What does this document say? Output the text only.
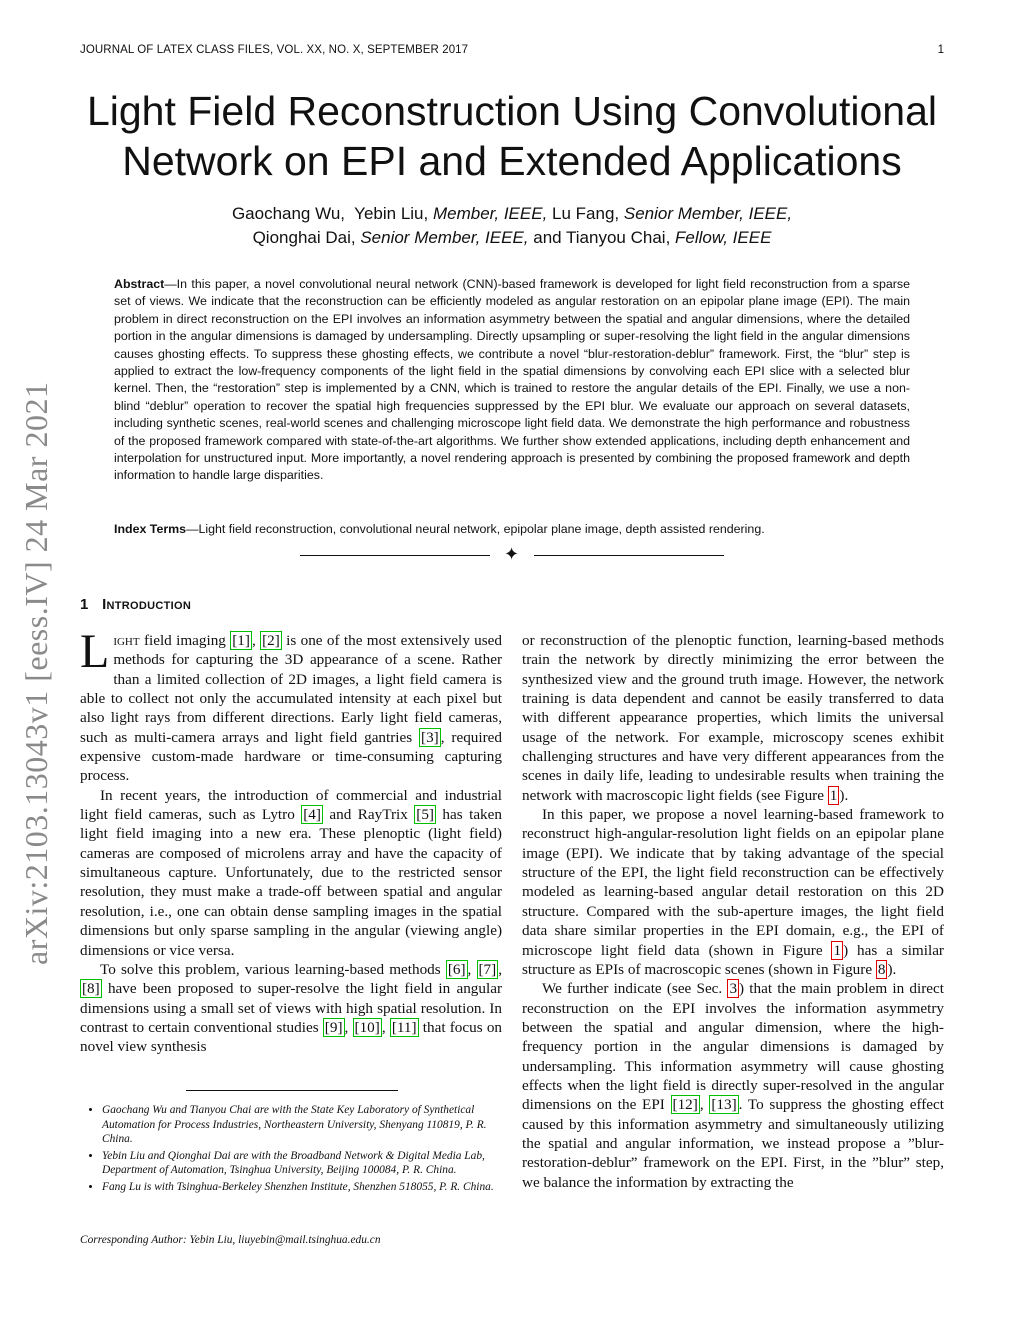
JOURNAL OF LATEX CLASS FILES, VOL. XX, NO. X, SEPTEMBER 2017	1
arXiv:2103.13043v1 [eess.IV] 24 Mar 2021
Light Field Reconstruction Using Convolutional
Network on EPI and Extended Applications
Gaochang Wu, Yebin Liu, Member, IEEE, Lu Fang, Senior Member, IEEE,
Qionghai Dai, Senior Member, IEEE, and Tianyou Chai, Fellow, IEEE
Abstract—In this paper, a novel convolutional neural network (CNN)-based framework is developed for light field reconstruction from a sparse set of views. We indicate that the reconstruction can be efficiently modeled as angular restoration on an epipolar plane image (EPI). The main problem in direct reconstruction on the EPI involves an information asymmetry between the spatial and angular dimensions, where the detailed portion in the angular dimensions is damaged by undersampling. Directly upsampling or super-resolving the light field in the angular dimensions causes ghosting effects. To suppress these ghosting effects, we contribute a novel “blur-restoration-deblur” framework. First, the “blur” step is applied to extract the low-frequency components of the light field in the spatial dimensions by convolving each EPI slice with a selected blur kernel. Then, the “restoration” step is implemented by a CNN, which is trained to restore the angular details of the EPI. Finally, we use a non-blind “deblur” operation to recover the spatial high frequencies suppressed by the EPI blur. We evaluate our approach on several datasets, including synthetic scenes, real-world scenes and challenging microscope light field data. We demonstrate the high performance and robustness of the proposed framework compared with state-of-the-art algorithms. We further show extended applications, including depth enhancement and interpolation for unstructured input. More importantly, a novel rendering approach is presented by combining the proposed framework and depth information to handle large disparities.
Index Terms—Light field reconstruction, convolutional neural network, epipolar plane image, depth assisted rendering.
✦
1 Introduction

Light field imaging [1] , [2] is one of the most extensively used methods for capturing the 3D appearance of a scene. Rather than a limited collection of 2D images, a light field camera is able to collect not only the accumulated intensity at each pixel but also light rays from different directions. Early light field cameras, such as multi-camera arrays and light field gantries [3] , required expensive custom-made hardware or time-consuming capturing process.

In recent years, the introduction of commercial and industrial light field cameras, such as Lytro [4] and RayTrix [5] has taken light field imaging into a new era. These plenoptic (light field) cameras are composed of microlens array and have the capacity of simultaneous capture. Unfortunately, due to the restricted sensor resolution, they must make a trade-off between spatial and angular resolution, i.e., one can obtain dense sampling images in the spatial dimensions but only sparse sampling in the angular (viewing angle) dimensions or vice versa.

To solve this problem, various learning-based methods [6] , [7] , [8] have been proposed to super-resolve the light field in angular dimensions using a small set of views with high spatial resolution. In contrast to certain conventional studies [9] , [10] , [11] that focus on novel view synthesis

or reconstruction of the plenoptic function, learning-based methods train the network by directly minimizing the error between the synthesized view and the ground truth image. However, the network training is data dependent and cannot be easily transferred to data with different appearance properties, which limits the universal usage of the network. For example, microscopy scenes exhibit challenging structures and have very different appearances from the scenes in daily life, leading to undesirable results when training the network with macroscopic light fields (see Figure 1 ).

In this paper, we propose a novel learning-based framework to reconstruct high-angular-resolution light fields on an epipolar plane image (EPI). We indicate that by taking advantage of the special structure of the EPI, the light field reconstruction can be effectively modeled as learning-based angular detail restoration on this 2D structure. Compared with the sub-aperture images, the light field data share similar properties in the EPI domain, e.g., the EPI of microscope light field data (shown in Figure 1 ) has a similar structure as EPIs of macroscopic scenes (shown in Figure 8 ).

We further indicate (see Sec. 3 ) that the main problem in direct reconstruction on the EPI involves the information asymmetry between the spatial and angular dimension, where the high-frequency portion in the angular dimensions is damaged by undersampling. This information asymmetry will cause ghosting effects when the light field is directly super-resolved in the angular dimensions on the EPI [12] , [13] . To suppress the ghosting effect caused by this information asymmetry and simultaneously utilizing the spatial and angular information, we instead propose a ”blur-restoration-deblur” framework on the EPI. First, in the ”blur” step, we balance the information by extracting the

• Gaochang Wu and Tianyou Chai are with the State Key Laboratory of Synthetical Automation for Process Industries, Northeastern University, Shenyang 110819, P. R. China.
• Yebin Liu and Qionghai Dai are with the Broadband Network & Digital Media Lab, Department of Automation, Tsinghua University, Beijing 100084, P. R. China.
• Fang Lu is with Tsinghua-Berkeley Shenzhen Institute, Shenzhen 518055, P. R. China.
Corresponding Author: Yebin Liu, liuyebin@mail.tsinghua.edu.cn
